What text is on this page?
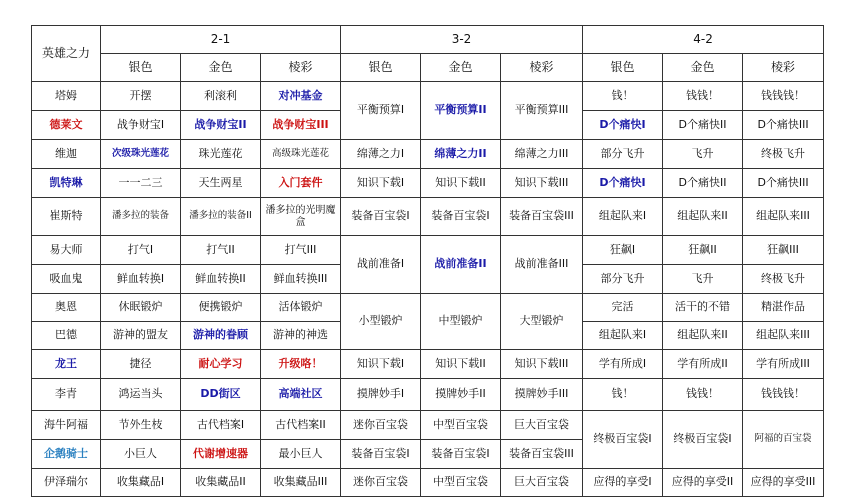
英雄之力	2-1			3-2			4-2		
	银色	金色	棱彩	银色	金色	棱彩	银色	金色	棱彩
塔姆	开摆	利滚利	对冲基金	平衡预算I	平衡预算II	平衡预算III	钱！	钱钱！	钱钱钱！
德莱文	战争财宝I	战争财宝II	战争财宝III				D个痛快I	D个痛快II	D个痛快III
维迦	次级珠光莲花	珠光莲花	高级珠光莲花	绵薄之力I	绵薄之力II	绵薄之力III	部分飞升	飞升	终极飞升
凯特琳	一一二三	天生两星	入门套件	知识下载I	知识下载II	知识下载III	D个痛快I	D个痛快II	D个痛快III
崔斯特	潘多拉的装备	潘多拉的装备II	潘多拉的光明魔盒	装备百宝袋I	装备百宝袋I	装备百宝袋III	组起队来I	组起队来II	组起队来III
易大师	打气I	打气II	打气III	战前准备I	战前准备II	战前准备III	狂飙I	狂飙II	狂飙III
吸血鬼	鲜血转换I	鲜血转换II	鲜血转换III				部分飞升	飞升	终极飞升
奥恩	休眠锻炉	便携锻炉	活体锻炉	小型锻炉	中型锻炉	大型锻炉	完活	活干的不错	精湛作品
巴德	游神的盟友	游神的眷顾	游神的神选				组起队来I	组起队来II	组起队来III
龙王	捷径	耐心学习	升级咯！	知识下载I	知识下载II	知识下载III	学有所成I	学有所成II	学有所成III
李青	鸿运当头	DD街区	高端社区	摸牌妙手I	摸牌妙手II	摸牌妙手III	钱！	钱钱！	钱钱钱！
海牛阿福	节外生枝	古代档案I	古代档案II	迷你百宝袋	中型百宝袋	巨大百宝袋	终极百宝袋I	终极百宝袋I	阿福的百宝袋
企鹅骑士	小巨人	代谢增速器	最小巨人	装备百宝袋I	装备百宝袋I	装备百宝袋III			
伊泽瑞尔	收集藏品I	收集藏品II	收集藏品III	迷你百宝袋	中型百宝袋	巨大百宝袋	应得的享受I	应得的享受II	应得的享受III
